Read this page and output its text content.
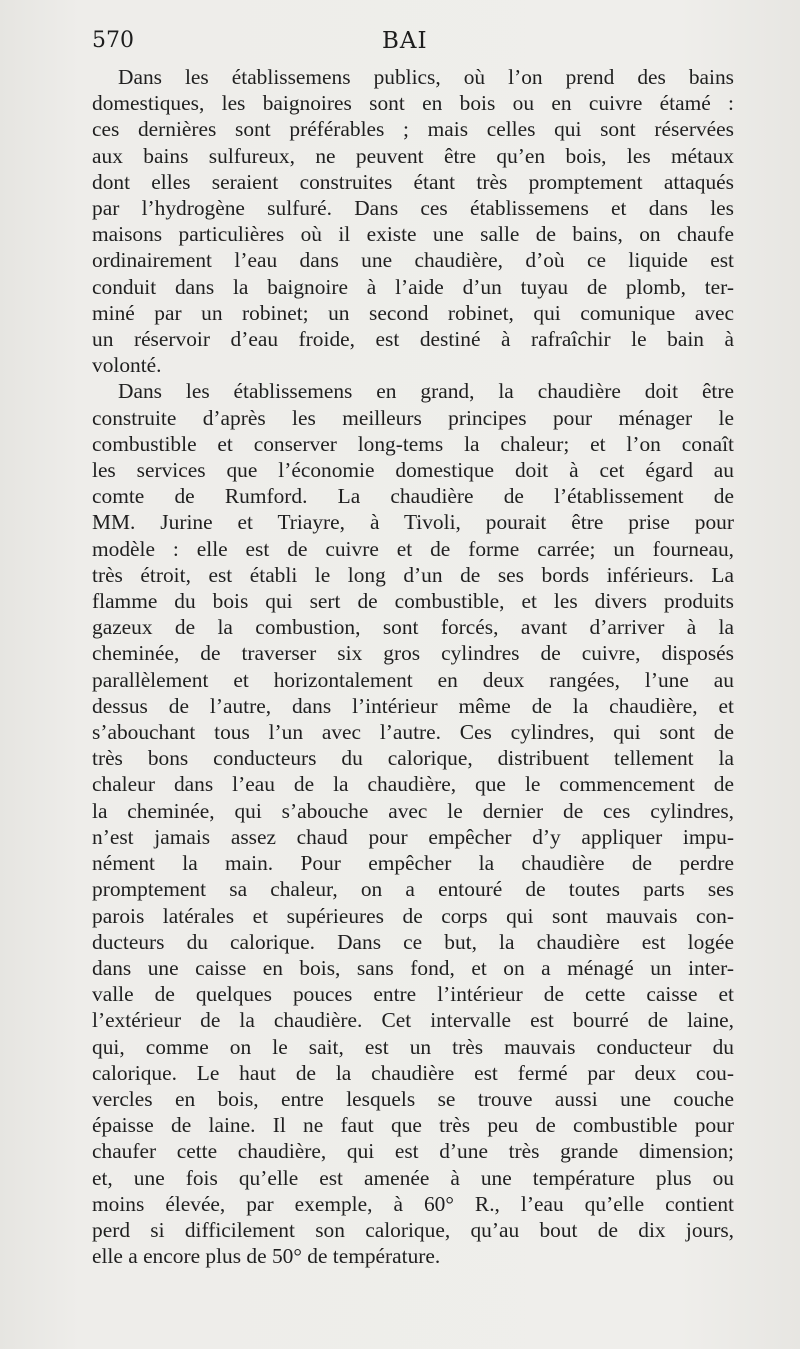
570	BAI
Dans les établissemens publics, où l’on prend des bains
domestiques, les baignoires sont en bois ou en cuivre étamé :
ces dernières sont préférables ; mais celles qui sont réservées
aux bains sulfureux, ne peuvent être qu’en bois, les métaux
dont elles seraient construites étant très promptement attaqués
par l’hydrogène sulfuré. Dans ces établissemens et dans les
maisons particulières où il existe une salle de bains, on chaufe
ordinairement l’eau dans une chaudière, d’où ce liquide est
conduit dans la baignoire à l’aide d’un tuyau de plomb, ter-
miné par un robinet; un second robinet, qui comunique avec
un réservoir d’eau froide, est destiné à rafraîchir le bain à
volonté.
Dans les établissemens en grand, la chaudière doit être
construite d’après les meilleurs principes pour ménager le
combustible et conserver long-tems la chaleur; et l’on conaît
les services que l’économie domestique doit à cet égard au
comte de Rumford. La chaudière de l’établissement de
MM. Jurine et Triayre, à Tivoli, pourait être prise pour
modèle : elle est de cuivre et de forme carrée; un fourneau,
très étroit, est établi le long d’un de ses bords inférieurs. La
flamme du bois qui sert de combustible, et les divers produits
gazeux de la combustion, sont forcés, avant d’arriver à la
cheminée, de traverser six gros cylindres de cuivre, disposés
parallèlement et horizontalement en deux rangées, l’une au
dessus de l’autre, dans l’intérieur même de la chaudière, et
s’abouchant tous l’un avec l’autre. Ces cylindres, qui sont de
très bons conducteurs du calorique, distribuent tellement la
chaleur dans l’eau de la chaudière, que le commencement de
la cheminée, qui s’abouche avec le dernier de ces cylindres,
n’est jamais assez chaud pour empêcher d’y appliquer impu-
nément la main. Pour empêcher la chaudière de perdre
promptement sa chaleur, on a entouré de toutes parts ses
parois latérales et supérieures de corps qui sont mauvais con-
ducteurs du calorique. Dans ce but, la chaudière est logée
dans une caisse en bois, sans fond, et on a ménagé un inter-
valle de quelques pouces entre l’intérieur de cette caisse et
l’extérieur de la chaudière. Cet intervalle est bourré de laine,
qui, comme on le sait, est un très mauvais conducteur du
calorique. Le haut de la chaudière est fermé par deux cou-
vercles en bois, entre lesquels se trouve aussi une couche
épaisse de laine. Il ne faut que très peu de combustible pour
chaufer cette chaudière, qui est d’une très grande dimension;
et, une fois qu’elle est amenée à une température plus ou
moins élevée, par exemple, à 60° R., l’eau qu’elle contient
perd si difficilement son calorique, qu’au bout de dix jours,
elle a encore plus de 50° de température.
